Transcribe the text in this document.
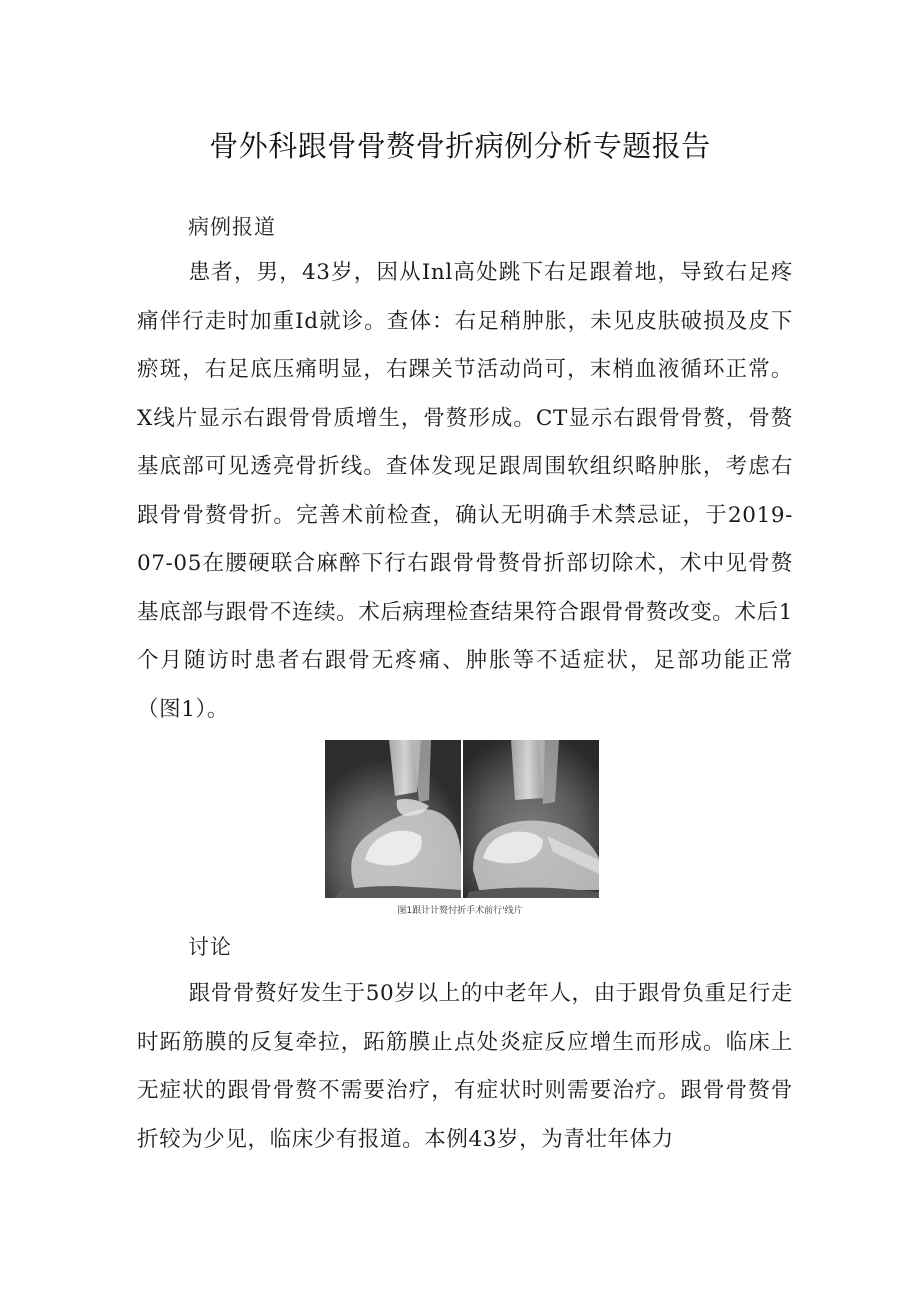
骨外科跟骨骨赘骨折病例分析专题报告
病例报道

患者，男，43岁，因从Inl高处跳下右足跟着地，导致右足疼痛伴行走时加重Id就诊。查体：右足稍肿胀，未见皮肤破损及皮下瘀斑，右足底压痛明显，右踝关节活动尚可，末梢血液循环正常。X线片显示右跟骨骨质增生，骨赘形成。CT显示右跟骨骨赘，骨赘基底部可见透亮骨折线。查体发现足跟周围软组织略肿胀，考虑右跟骨骨赘骨折。完善术前检查，确认无明确手术禁忌证，于2019-07-05在腰硬联合麻醉下行右跟骨骨赘骨折部切除术，术中见骨赘基底部与跟骨不连续。术后病理检查结果符合跟骨骨赘改变。术后1个月随访时患者右跟骨无疼痛、肿胀等不适症状，足部功能正常（图1）。

图1跟计计赘忖折手术前行'线片
讨论

跟骨骨赘好发生于50岁以上的中老年人，由于跟骨负重足行走时跖筋膜的反复牵拉，跖筋膜止点处炎症反应增生而形成。临床上无症状的跟骨骨赘不需要治疗，有症状时则需要治疗。跟骨骨赘骨折较为少见，临床少有报道。本例43岁，为青壮年体力
